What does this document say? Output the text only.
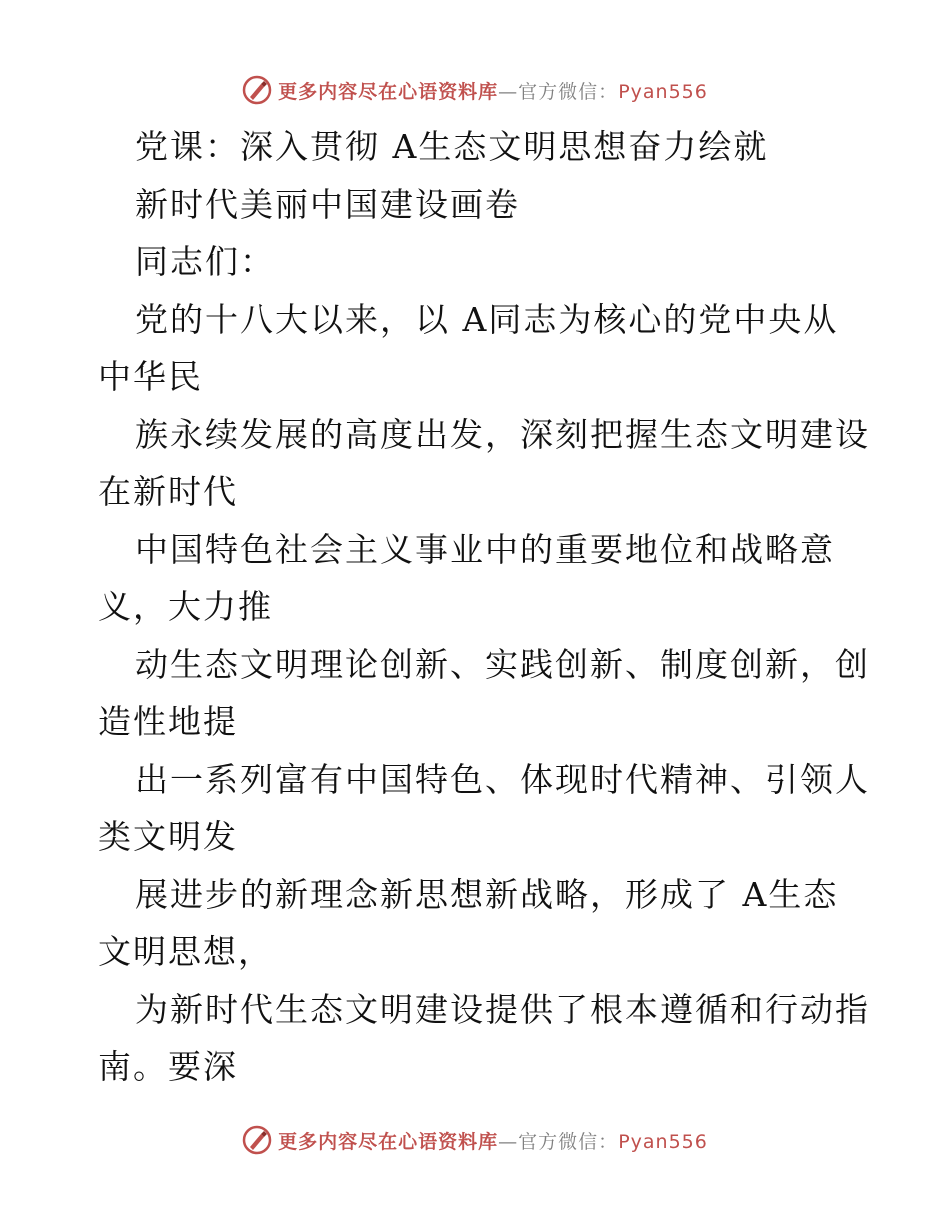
更多内容尽在心语资料库—官方微信：Pyan556
党课：深入贯彻 A生态文明思想奋力绘就
新时代美丽中国建设画卷
同志们：
党的十八大以来，以 A同志为核心的党中央从
中华民
族永续发展的高度出发，深刻把握生态文明建设
在新时代
中国特色社会主义事业中的重要地位和战略意
义，大力推
动生态文明理论创新、实践创新、制度创新，创
造性地提
出一系列富有中国特色、体现时代精神、引领人
类文明发
展进步的新理念新思想新战略，形成了 A生态
文明思想，
为新时代生态文明建设提供了根本遵循和行动指
南。要深
更多内容尽在心语资料库—官方微信：Pyan556
